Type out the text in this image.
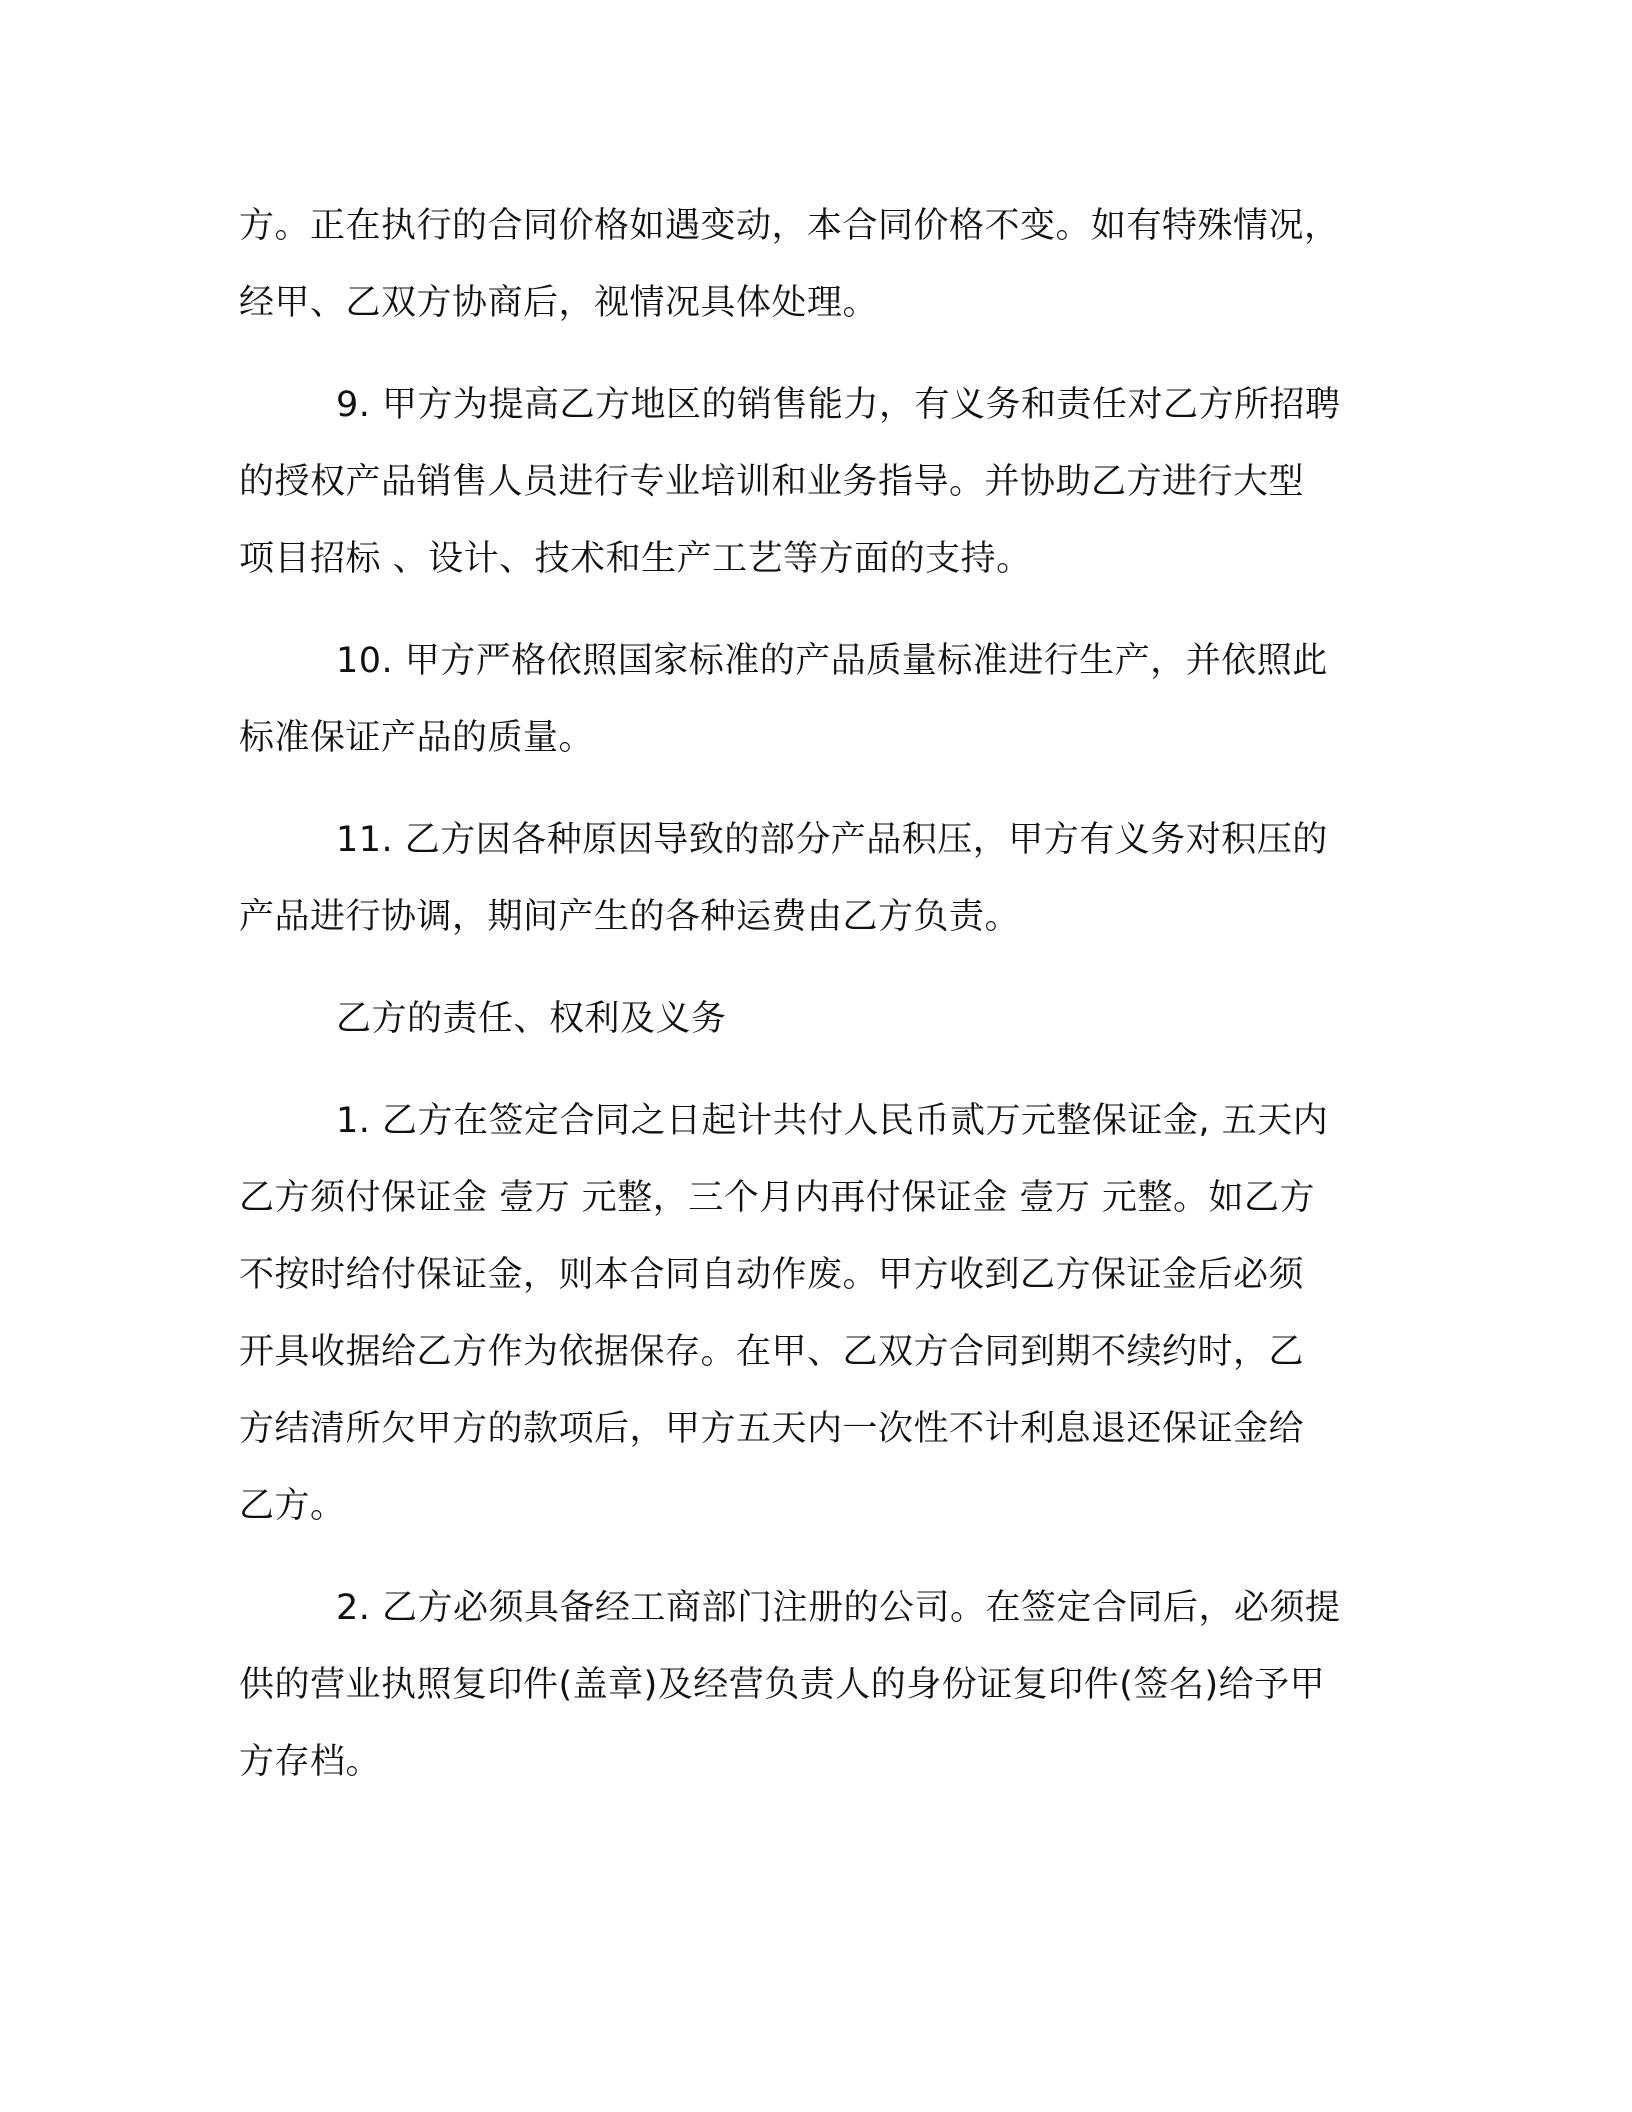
方。正在执行的合同价格如遇变动，本合同价格不变。如有特殊情况，
经甲、乙双方协商后，视情况具体处理。
9. 甲方为提高乙方地区的销售能力，有义务和责任对乙方所招聘
的授权产品销售人员进行专业培训和业务指导。并协助乙方进行大型
项目招标 、设计、技术和生产工艺等方面的支持。
10. 甲方严格依照国家标准的产品质量标准进行生产，并依照此
标准保证产品的质量。
11. 乙方因各种原因导致的部分产品积压，甲方有义务对积压的
产品进行协调，期间产生的各种运费由乙方负责。
乙方的责任、权利及义务
1. 乙方在签定合同之日起计共付人民币贰万元整保证金, 五天内
乙方须付保证金 壹万 元整，三个月内再付保证金 壹万 元整。如乙方
不按时给付保证金，则本合同自动作废。甲方收到乙方保证金后必须
开具收据给乙方作为依据保存。在甲、乙双方合同到期不续约时，乙
方结清所欠甲方的款项后，甲方五天内一次性不计利息退还保证金给
乙方。
2. 乙方必须具备经工商部门注册的公司。在签定合同后，必须提
供的营业执照复印件(盖章)及经营负责人的身份证复印件(签名)给予甲
方存档。
